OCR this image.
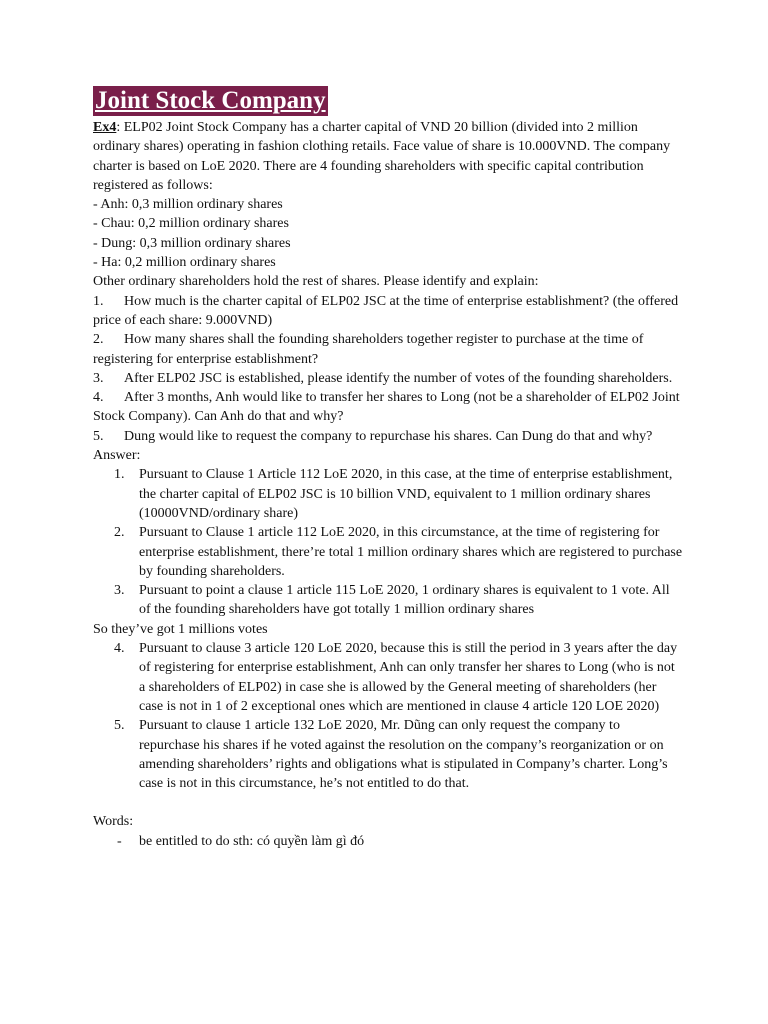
Joint Stock Company

Ex4: ELP02 Joint Stock Company has a charter capital of VND 20 billion (divided into 2 million ordinary shares) operating in fashion clothing retails. Face value of share is 10.000VND. The company charter is based on LoE 2020. There are 4 founding shareholders with specific capital contribution registered as follows:

- Anh: 0,3 million ordinary shares

- Chau: 0,2 million ordinary shares

- Dung: 0,3 million ordinary shares

- Ha: 0,2 million ordinary shares

Other ordinary shareholders hold the rest of shares. Please identify and explain:

1. How much is the charter capital of ELP02 JSC at the time of enterprise establishment? (the offered price of each share: 9.000VND)

2. How many shares shall the founding shareholders together register to purchase at the time of registering for enterprise establishment?

3. After ELP02 JSC is established, please identify the number of votes of the founding shareholders.

4. After 3 months, Anh would like to transfer her shares to Long (not be a shareholder of ELP02 Joint Stock Company). Can Anh do that and why?

5. Dung would like to request the company to repurchase his shares. Can Dung do that and why?

Answer:

1. Pursuant to Clause 1 Article 112 LoE 2020, in this case, at the time of enterprise establishment, the charter capital of ELP02 JSC is 10 billion VND, equivalent to 1 million ordinary shares (10000VND/ordinary share)
2. Pursuant to Clause 1 article 112 LoE 2020, in this circumstance, at the time of registering for enterprise establishment, there’re total 1 million ordinary shares which are registered to purchase by founding shareholders.
3. Pursuant to point a clause 1 article 115 LoE 2020, 1 ordinary shares is equivalent to 1 vote. All of the founding shareholders have got totally 1 million ordinary shares

So they’ve got 1 millions votes

4. Pursuant to clause 3 article 120 LoE 2020, because this is still the period in 3 years after the day of registering for enterprise establishment, Anh can only transfer her shares to Long (who is not a shareholders of ELP02) in case she is allowed by the General meeting of shareholders (her case is not in 1 of 2 exceptional ones which are mentioned in clause 4 article 120 LOE 2020)
5. Pursuant to clause 1 article 132 LoE 2020, Mr. Dũng can only request the company to repurchase his shares if he voted against the resolution on the company’s reorganization or on amending shareholders’ rights and obligations what is stipulated in Company’s charter. Long’s case is not in this circumstance, he’s not entitled to do that.

Words:

- be entitled to do sth: có quyền làm gì đó
